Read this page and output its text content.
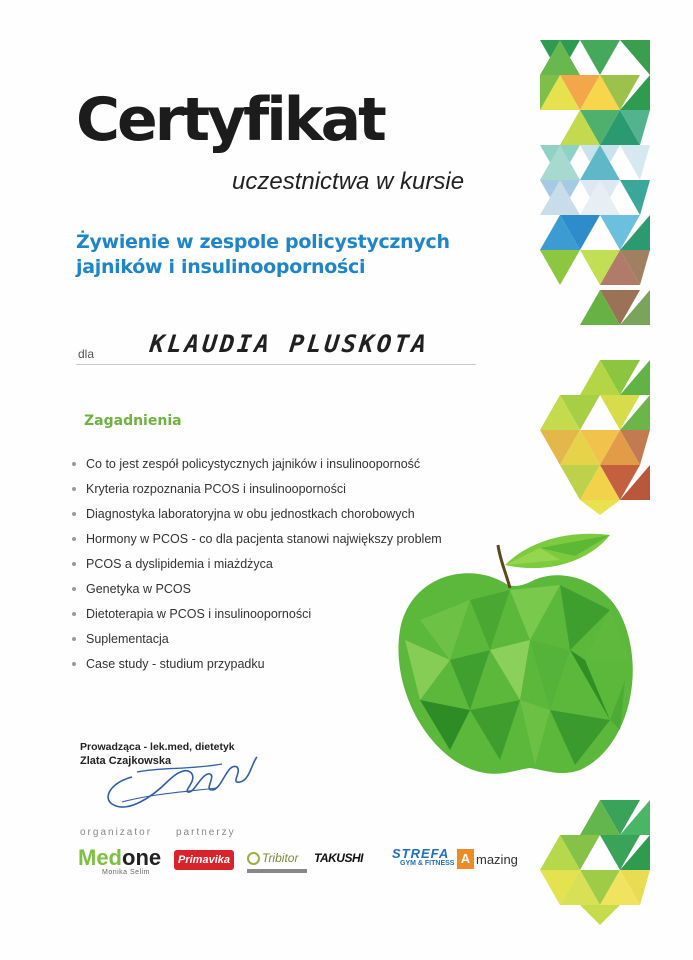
Certyfikat
uczestnictwa w kursie
Żywienie w zespole policystycznych jajników i insulinooporności
dla KLAUDIA PLUSKOTA
Zagadnienia
Co to jest zespół policystycznych jajników i insulinooporność
Kryteria rozpoznania PCOS i insulinooporności
Diagnostyka laboratoryjna w obu jednostkach chorobowych
Hormony w PCOS - co dla pacjenta stanowi największy problem
PCOS a dyslipidemia i miażdżyca
Genetyka w PCOS
Dietoterapia w PCOS i insulinooporności
Suplementacja
Case study - studium przypadku
Prowadząca - lek.med, dietetyk
Zlata Czajkowska
organizator partnerzy
Medone
Monika Selim
Primavika	Tribitor TAKUSHI STREFA
GYM & FITNESS A mazing
